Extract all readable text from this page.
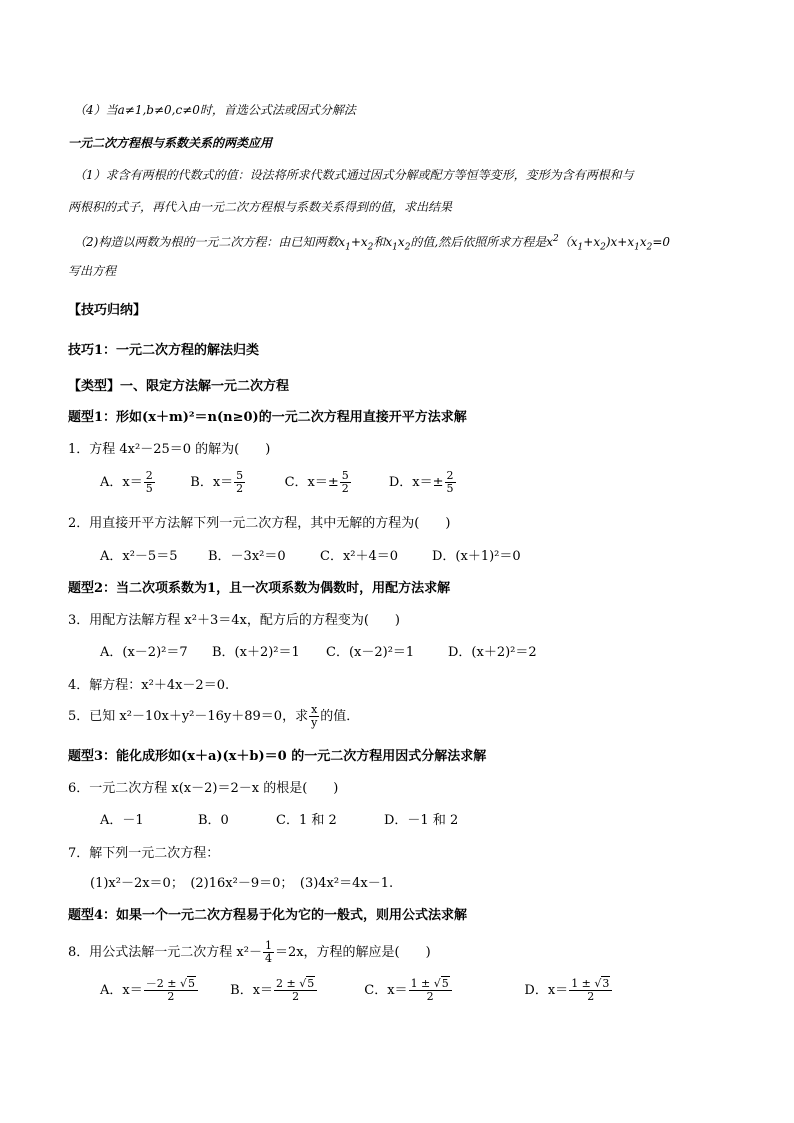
（4）当a≠1,b≠0,c≠0时，首选公式法或因式分解法
一元二次方程根与系数关系的两类应用
（1）求含有两根的代数式的值：设法将所求代数式通过因式分解或配方等恒等变形，变形为含有两根和与
两根积的式子，再代入由一元二次方程根与系数关系得到的值，求出结果
（2)构造以两数为根的一元二次方程：由已知两数$x_1+x_2$和$x_1x_2$的值,然后依照所求方程是$x^2(x_1+x_2)x+x_1x_2=0$
写出方程
【技巧归纳】
技巧1：一元二次方程的解法归类
【类型】一、限定方法解一元二次方程
题型1：形如(x＋m)²＝n(n≥0)的一元二次方程用直接开平方法求解
1．方程 4x²－25＝0 的解为(　　)
A．$x= \frac{2}{5}$	B．$x= \frac{5}{2}$	C．$x=\pm \frac{5}{2}$	D．$x=\pm \frac{2}{5}$
2．用直接开平方法解下列一元二次方程，其中无解的方程为(　　)
A．x²－5＝5 B．－3x²＝0	C．x²＋4＝0	D．(x＋1)²＝0
题型2：当二次项系数为1，且一次项系数为偶数时，用配方法求解
3．用配方法解方程 x²＋3＝4x，配方后的方程变为(　　)
A．(x－2)²＝7 B．(x＋2)²＝1 C．(x－2)²＝1	D．(x＋2)²＝2
4．解方程：x²＋4x－2＝0.
5．已知 x²－10x＋y²－16y＋89＝0，求 $\frac{x}{y}$ 的值．
题型3：能化成形如(x＋a)(x＋b)＝0 的一元二次方程用因式分解法求解
6．一元二次方程 x(x－2)＝2－x 的根是(　　)
A．－1	B．0	C．1 和 2	D．－1 和 2
7．解下列一元二次方程：
(1)x²－2x＝0；　(2)16x²－9＝0；　(3)4x²＝4x－1.
题型4：如果一个一元二次方程易于化为它的一般式，则用公式法求解
8．用公式法解一元二次方程 $x^2- \frac{1}{4} =2x$，方程的解应是(　　)
A．$x= \frac{-2 \pm √5}{2}$ B．$x= \frac{2 \pm √5}{2}$	C．$x= \frac{1 \pm √5}{2}$	D．$x= \frac{1 \pm √3}{2}$
